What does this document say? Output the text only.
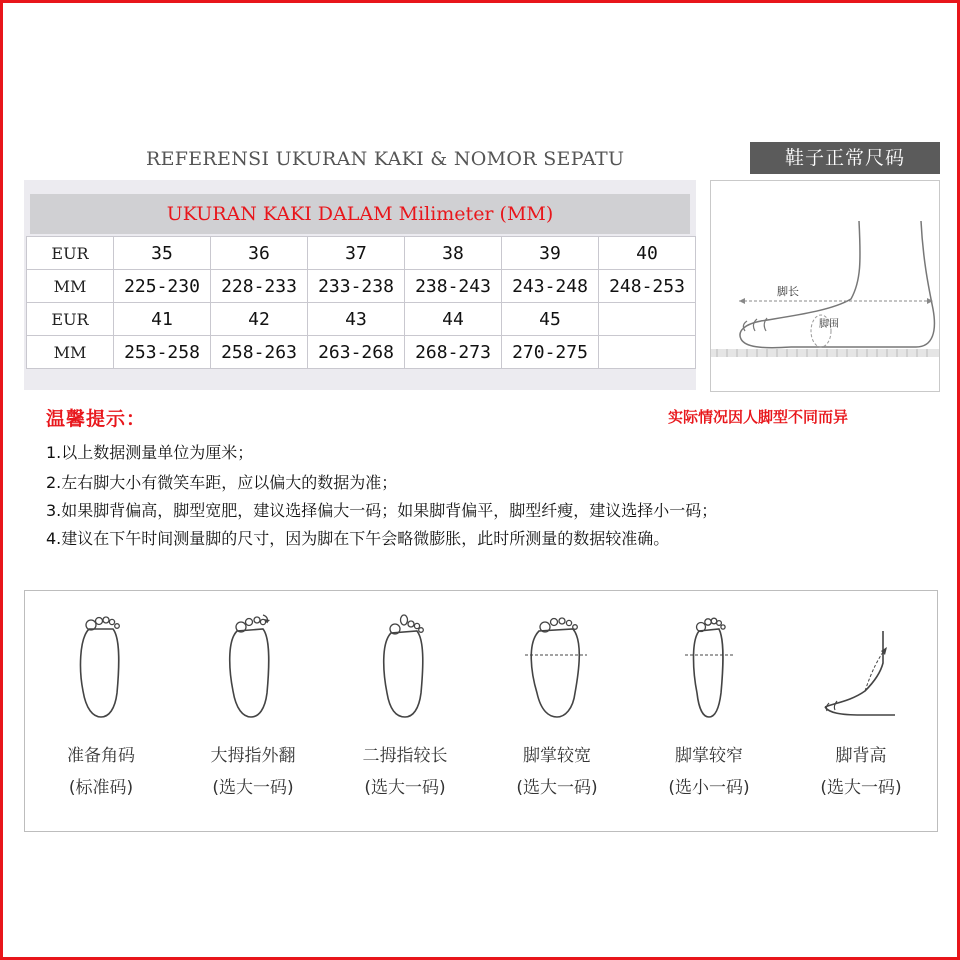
REFERENSI UKURAN KAKI & NOMOR SEPATU	鞋子正常尺码
UKURAN KAKI DALAM Milimeter (MM)
EUR	35	36	37	38	39	40
MM	225-230	228-233	233-238	238-243	243-248	248-253
EUR	41	42	43	44	45	
MM	253-258	258-263	263-268	268-273	270-275	
脚长
脚围
温馨提示：	实际情况因人脚型不同而异
1.以上数据测量单位为厘米；
2.左右脚大小有微笑车距，应以偏大的数据为准；
3.如果脚背偏高，脚型宽肥，建议选择偏大一码；如果脚背偏平，脚型纤瘦，建议选择小一码；
4.建议在下午时间测量脚的尺寸，因为脚在下午会略微膨胀，此时所测量的数据较准确。
准备角码
(标准码)
大拇指外翻
(选大一码)
二拇指较长
(选大一码)
脚掌较宽
(选大一码)
脚掌较窄
(选小一码)
脚背高
(选大一码)
